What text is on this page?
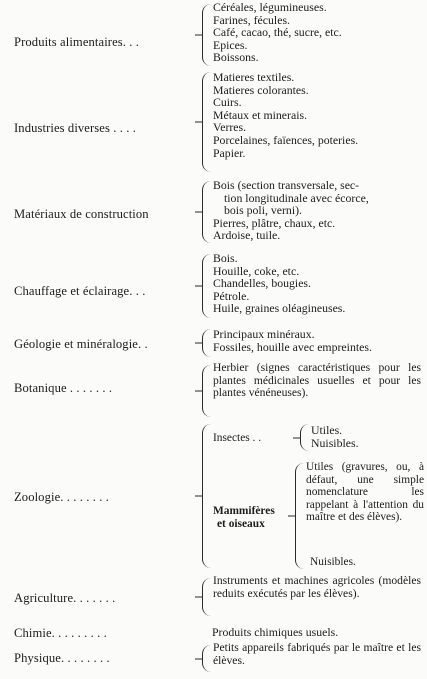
Produits alimentaires. . .
Céréales, légumineuses.
Farines, fécules.
Café, cacao, thé, sucre, etc.
Epices.
Boissons.
Industries diverses . . . .
Matieres textiles.
Matieres colorantes.
Cuirs.
Métaux et minerais.
Verres.
Porcelaines, faïences, poteries.
Papier.
Matériaux de construction
Bois (section transversale, sec-
tion longitudinale avec écorce,
bois poli, verni).
Pierres, plâtre, chaux, etc.
Ardoise, tuile.
Chauffage et éclairage. . .
Bois.
Houille, coke, etc.
Chandelles, bougies.
Pétrole.
Huile, graines oléagineuses.
Géologie et minéralogie. .
Principaux minéraux.
Fossiles, houille avec empreintes.
Botanique . . . . . . .
Herbier (signes caractéristiques pour les plantes médicinales usuelles et pour les plantes vénéneuses).
Zoologie. . . . . . . .
Insectes . .
Utiles.
Nuisibles.
Mammifères
et oiseaux
Utiles (gravures, ou, à défaut, une simple nomenclature les rappelant à l'attention du maître et des élèves).
Nuisibles.
Agriculture. . . . . . .
Instruments et machines agricoles (modèles reduits exécutés par les élèves).
Chimie. . . . . . . . .	Produits chimiques usuels.
Physique. . . . . . . .
Petits appareils fabriqués par le maître et les élèves.
